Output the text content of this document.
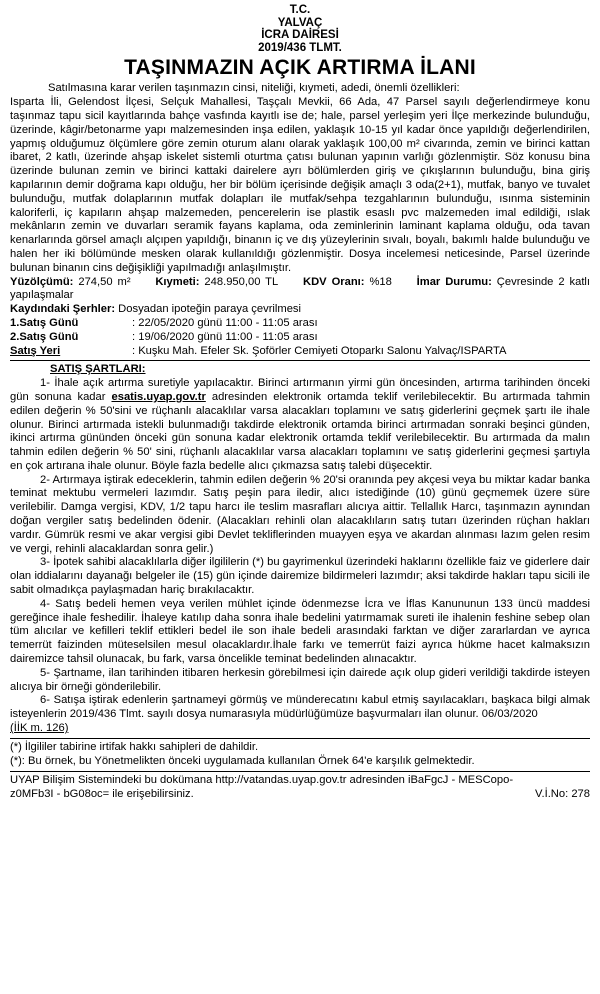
T.C.
YALVAÇ
İCRA DAİRESİ
2019/436 TLMT.
TAŞINMAZIN AÇIK ARTIRMA İLANI

Satılmasına karar verilen taşınmazın cinsi, niteliği, kıymeti, adedi, önemli özellikleri:

Isparta İli, Gelendost İlçesi, Selçuk Mahallesi, Taşçalı Mevkii, 66 Ada, 47 Parsel sayılı değerlendirmeye konu taşınmaz tapu sicil kayıtlarında bahçe vasfında kayıtlı ise de; hale, parsel yerleşim yeri İlçe merkezinde bulunduğu, üzerinde, kâgir/betonarme yapı malzemesinden inşa edilen, yaklaşık 10-15 yıl kadar önce yapıldığı değerlendirilen, yapmış olduğumuz ölçümlere göre zemin oturum alanı olarak yaklaşık 100,00 m² civarında, zemin ve birinci kattan ibaret, 2 katlı, üzerinde ahşap iskelet sistemli oturtma çatısı bulunan yapının varlığı gözlenmiştir. Söz konusu bina üzerinde bulunan zemin ve birinci kattaki dairelere ayrı bölümlerden giriş ve çıkışlarının bulunduğu, bina giriş kapılarının demir doğrama kapı olduğu, her bir bölüm içerisinde değişik amaçlı 3 oda(2+1), mutfak, banyo ve tuvalet bulunduğu, mutfak dolaplarının mutfak dolapları ile mutfak/sehpa tezgahlarının bulunduğu, ısınma sisteminin kaloriferli, iç kapıların ahşap malzemeden, pencerelerin ise plastik esaslı pvc malzemeden imal edildiği, ıslak mekânların zemin ve duvarları seramik fayans kaplama, oda zeminlerinin laminant kaplama olduğu, oda tavan kenarlarında görsel amaçlı alçıpen yapıldığı, binanın iç ve dış yüzeylerinin sıvalı, boyalı, bakımlı halde bulunduğu ve halen her iki bölümünde mesken olarak kullanıldığı gözlenmiştir. Dosya incelemesi neticesinde, Parsel üzerinde bulunan binanın cins değişikliği yapılmadığı anlaşılmıştır.

Yüzölçümü: 274,50 m² Kıymeti: 248.950,00 TL KDV Oranı: %18 İmar Durumu: Çevresinde 2 katlı yapılaşmalar

Kaydındaki Şerhler: Dosyadan ipoteğin paraya çevrilmesi

1.Satış Günü	: 22/05/2020 günü 11:00 - 11:05 arası
2.Satış Günü	: 19/06/2020 günü 11:00 - 11:05 arası
Satış Yeri	: Kuşku Mah. Efeler Sk. Şoförler Cemiyeti Otoparkı Salonu Yalvaç/ISPARTA
SATIŞ ŞARTLARI:

1- İhale açık artırma suretiyle yapılacaktır. Birinci artırmanın yirmi gün öncesinden, artırma tarihinden önceki gün sonuna kadar esatis.uyap.gov.tr adresinden elektronik ortamda teklif verilebilecektir. Bu artırmada tahmin edilen değerin % 50'sini ve rüçhanlı alacaklılar varsa alacakları toplamını ve satış giderlerini geçmek şartı ile ihale olunur. Birinci artırmada istekli bulunmadığı takdirde elektronik ortamda birinci artırmadan sonraki beşinci günden, ikinci artırma gününden önceki gün sonuna kadar elektronik ortamda teklif verilebilecektir. Bu artırmada da malın tahmin edilen değerin % 50' sini, rüçhanlı alacaklılar varsa alacakları toplamını ve satış giderlerini geçmesi şartıyla en çok artırana ihale olunur. Böyle fazla bedelle alıcı çıkmazsa satış talebi düşecektir.

2- Artırmaya iştirak edeceklerin, tahmin edilen değerin % 20'si oranında pey akçesi veya bu miktar kadar banka teminat mektubu vermeleri lazımdır. Satış peşin para iledir, alıcı istediğinde (10) günü geçmemek üzere süre verilebilir. Damga vergisi, KDV, 1/2 tapu harcı ile teslim masrafları alıcıya aittir. Tellallık Harcı, taşınmazın aynından doğan vergiler satış bedelinden ödenir. (Alacakları rehinli olan alacaklıların satış tutarı üzerinden rüçhan hakları vardır. Gümrük resmi ve akar vergisi gibi Devlet tekliflerinden muayyen eşya ve akardan alınması lazım gelen resim ve vergi, rehinli alacaklardan sonra gelir.)

3- İpotek sahibi alacaklılarla diğer ilgililerin (*) bu gayrimenkul üzerindeki haklarını özellikle faiz ve giderlere dair olan iddialarını dayanağı belgeler ile (15) gün içinde dairemize bildirmeleri lazımdır; aksi takdirde hakları tapu sicili ile sabit olmadıkça paylaşmadan hariç bırakılacaktır.

4- Satış bedeli hemen veya verilen mühlet içinde ödenmezse İcra ve İflas Kanununun 133 üncü maddesi gereğince ihale feshedilir. İhaleye katılıp daha sonra ihale bedelini yatırmamak sureti ile ihalenin feshine sebep olan tüm alıcılar ve kefilleri teklif ettikleri bedel ile son ihale bedeli arasındaki farktan ve diğer zararlardan ve ayrıca temerrüt faizinden müteselsilen mesul olacaklardır.İhale farkı ve temerrüt faizi ayrıca hükme hacet kalmaksızın dairemizce tahsil olunacak, bu fark, varsa öncelikle teminat bedelinden alınacaktır.

5- Şartname, ilan tarihinden itibaren herkesin görebilmesi için dairede açık olup gideri verildiği takdirde isteyen alıcıya bir örneği gönderilebilir.

6- Satışa iştirak edenlerin şartnameyi görmüş ve münderecatını kabul etmiş sayılacakları, başkaca bilgi almak isteyenlerin 2019/436 Tlmt. sayılı dosya numarasıyla müdürlüğümüze başvurmaları ilan olunur. 06/03/2020

(İİK m. 126)

(*) İlgililer tabirine irtifak hakkı sahipleri de dahildir.

(*): Bu örnek, bu Yönetmelikten önceki uygulamada kullanılan Örnek 64'e karşılık gelmektedir.

UYAP Bilişim Sistemindeki bu dokümana http://vatandas.uyap.gov.tr adresinden iBaFgcJ - MESCopo-
z0MFb3I - bG08oc= ile erişebilirsiniz.	V.İ.No: 278
